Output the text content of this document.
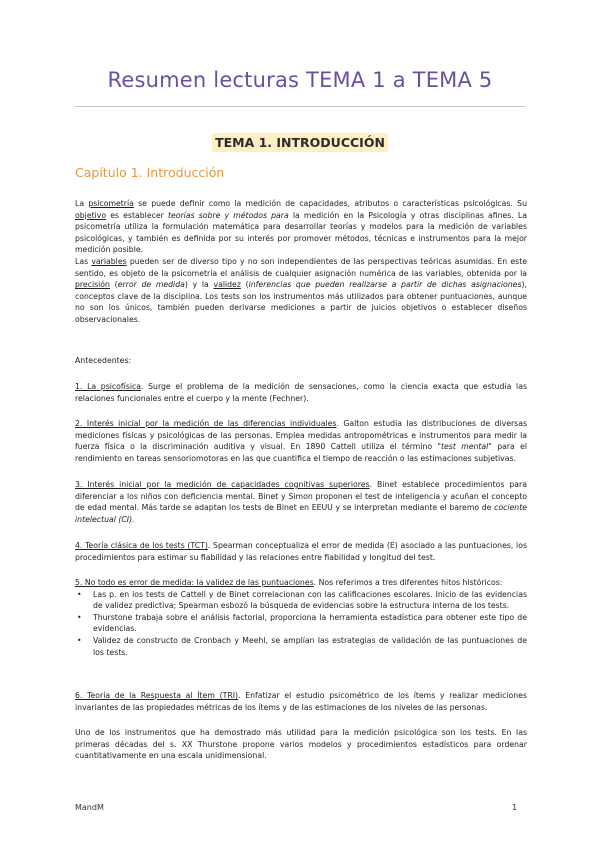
Resumen lecturas TEMA 1 a TEMA 5
TEMA 1. INTRODUCCIÓN
Capítulo 1. Introducción

La psicometría se puede definir como la medición de capacidades, atributos o características psicológicas. Su objetivo es establecer teorías sobre y métodos para la medición en la Psicología y otras disciplinas afines. La psicometría utiliza la formulación matemática para desarrollar teorías y modelos para la medición de variables psicológicas, y también es definida por su interés por promover métodos, técnicas e instrumentos para la mejor medición posible.

Las variables pueden ser de diverso tipo y no son independientes de las perspectivas teóricas asumidas. En este sentido, es objeto de la psicometría el análisis de cualquier asignación numérica de las variables, obtenida por la precisión (error de medida) y la validez (inferencias que pueden realizarse a partir de dichas asignaciones), conceptos clave de la disciplina. Los tests son los instrumentos más utilizados para obtener puntuaciones, aunque no son los únicos, también pueden derivarse mediciones a partir de juicios objetivos o establecer diseños observacionales.

Antecedentes:

1. La psicofísica. Surge el problema de la medición de sensaciones, como la ciencia exacta que estudia las relaciones funcionales entre el cuerpo y la mente (Fechner).

2. Interés inicial por la medición de las diferencias individuales. Galton estudia las distribuciones de diversas mediciones físicas y psicológicas de las personas. Emplea medidas antropométricas e instrumentos para medir la fuerza física o la discriminación auditiva y visual. En 1890 Cattell utiliza el término "test mental" para el rendimiento en tareas sensoriomotoras en las que cuantifica el tiempo de reacción o las estimaciones subjetivas.

3. Interés inicial por la medición de capacidades cognitivas superiores. Binet establece procedimientos para diferenciar a los niños con deficiencia mental. Binet y Simon proponen el test de inteligencia y acuñan el concepto de edad mental. Más tarde se adaptan los tests de Binet en EEUU y se interpretan mediante el baremo de cociente intelectual (CI).

4. Teoría clásica de los tests (TCT). Spearman conceptualiza el error de medida (E) asociado a las puntuaciones, los procedimientos para estimar su fiabilidad y las relaciones entre fiabilidad y longitud del test.

5. No todo es error de medida: la validez de las puntuaciones. Nos referimos a tres diferentes hitos históricos:

• Las p. en los tests de Cattell y de Binet correlacionan con las calificaciones escolares. Inicio de las evidencias de validez predictiva; Spearman esbozó la búsqueda de evidencias sobre la estructura interna de los tests.
• Thurstone trabaja sobre el análisis factorial, proporciona la herramienta estadística para obtener este tipo de evidencias.
• Validez de constructo de Cronbach y Meehl, se amplían las estrategias de validación de las puntuaciones de los tests.

6. Teoría de la Respuesta al Ítem (TRI). Enfatizar el estudio psicométrico de los ítems y realizar mediciones invariantes de las propiedades métricas de los ítems y de las estimaciones de los niveles de las personas.

Uno de los instrumentos que ha demostrado más utilidad para la medición psicológica son los tests. En las primeras décadas del s. XX Thurstone propone varios modelos y procedimientos estadísticos para ordenar cuantitativamente en una escala unidimensional.
MandM	1
